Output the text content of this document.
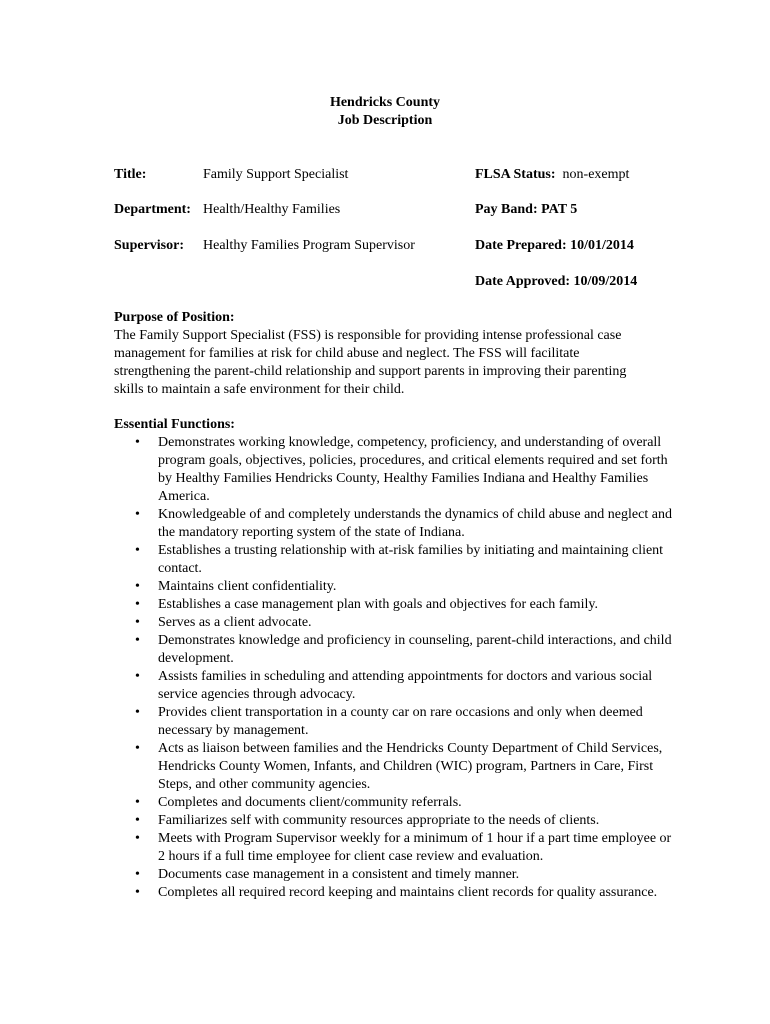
Hendricks County
Job Description
Title:	Family Support Specialist
Department: Health/Healthy Families
Supervisor: Healthy Families Program Supervisor
FLSA Status: non-exempt
Pay Band: PAT 5
Date Prepared: 10/01/2014
Date Approved: 10/09/2014
Purpose of Position:

The Family Support Specialist (FSS) is responsible for providing intense professional case management for families at risk for child abuse and neglect. The FSS will facilitate strengthening the parent-child relationship and support parents in improving their parenting skills to maintain a safe environment for their child.

Essential Functions:
• Demonstrates working knowledge, competency, proficiency, and understanding of overall program goals, objectives, policies, procedures, and critical elements required and set forth by Healthy Families Hendricks County, Healthy Families Indiana and Healthy Families America.
• Knowledgeable of and completely understands the dynamics of child abuse and neglect and the mandatory reporting system of the state of Indiana.
• Establishes a trusting relationship with at-risk families by initiating and maintaining client contact.
• Maintains client confidentiality.
• Establishes a case management plan with goals and objectives for each family.
• Serves as a client advocate.
• Demonstrates knowledge and proficiency in counseling, parent-child interactions, and child development.
• Assists families in scheduling and attending appointments for doctors and various social service agencies through advocacy.
• Provides client transportation in a county car on rare occasions and only when deemed necessary by management.
• Acts as liaison between families and the Hendricks County Department of Child Services, Hendricks County Women, Infants, and Children (WIC) program, Partners in Care, First Steps, and other community agencies.
• Completes and documents client/community referrals.
• Familiarizes self with community resources appropriate to the needs of clients.
• Meets with Program Supervisor weekly for a minimum of 1 hour if a part time employee or 2 hours if a full time employee for client case review and evaluation.
• Documents case management in a consistent and timely manner.
• Completes all required record keeping and maintains client records for quality assurance.
